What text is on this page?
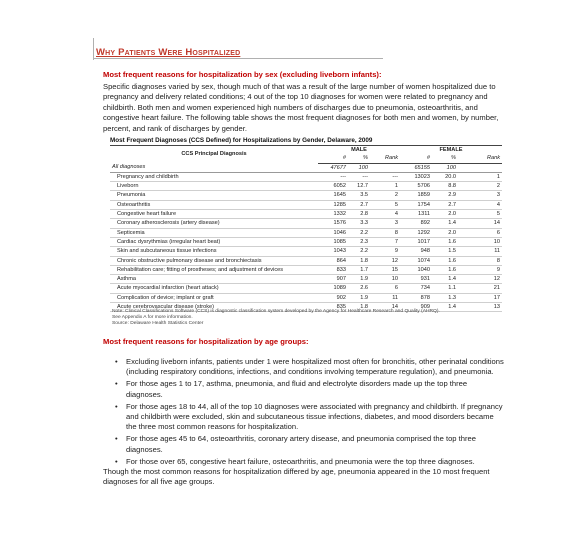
Why Patients Were Hospitalized
Most frequent reasons for hospitalization by sex (excluding liveborn infants):
Specific diagnoses varied by sex, though much of that was a result of the large number of women hospitalized due to pregnancy and delivery related conditions; 4 out of the top 10 diagnoses for women were related to pregnancy and childbirth. Both men and women experienced high numbers of discharges due to pneumonia, osteoarthritis, and congestive heart failure. The following table shows the most frequent diagnoses for both men and women, by number, percent, and rank of discharges by gender.
Most Frequent Diagnoses (CCS Defined) for Hospitalizations by Gender, Delaware, 2009
CCS Principal Diagnosis	MALE			FEMALE		
	#	%	Rank	#	%	Rank
All diagnoses	47677	100		65155	100	
Pregnancy and childbirth	---	---	---	13023	20.0	1
Liveborn	6052	12.7	1	5706	8.8	2
Pneumonia	1645	3.5	2	1859	2.9	3
Osteoarthritis	1285	2.7	5	1754	2.7	4
Congestive heart failure	1332	2.8	4	1311	2.0	5
Coronary atherosclerosis (artery disease)	1576	3.3	3	892	1.4	14
Septicemia	1046	2.2	8	1292	2.0	6
Cardiac dysrythmias (irregular heart beat)	1085	2.3	7	1017	1.6	10
Skin and subcutaneous tissue infections	1043	2.2	9	948	1.5	11
Chronic obstructive pulmonary disease and bronchiectasis	864	1.8	12	1074	1.6	8
Rehabilitation care; fitting of prostheses; and adjustment of devices	833	1.7	15	1040	1.6	9
Asthma	907	1.9	10	931	1.4	12
Acute myocardial infarction (heart attack)	1089	2.6	6	734	1.1	21
Complication of device; implant or graft	902	1.9	11	878	1.3	17
Acute cerebrovascular disease (stroke)	835	1.8	14	909	1.4	13
Note: Clinical Classifications Software (CCS) is diagnostic classification system developed by the Agency for Healthcare Research and Quality (AHRQ).
See Appendix A for more information.
Source: Delaware Health Statistics Center
Most frequent reasons for hospitalization by age groups:
• Excluding liveborn infants, patients under 1 were hospitalized most often for bronchitis, other perinatal conditions (including respiratory conditions, infections, and conditions involving temperature regulation), and pneumonia.
• For those ages 1 to 17, asthma, pneumonia, and fluid and electrolyte disorders made up the top three diagnoses.
• For those ages 18 to 44, all of the top 10 diagnoses were associated with pregnancy and childbirth. If pregnancy and childbirth were excluded, skin and subcutaneous tissue infections, diabetes, and mood disorders became the three most common reasons for hospitalization.
• For those ages 45 to 64, osteoarthritis, coronary artery disease, and pneumonia comprised the top three diagnoses.
• For those over 65, congestive heart failure, osteoarthritis, and pneumonia were the top three diagnoses.
Though the most common reasons for hospitalization differed by age, pneumonia appeared in the 10 most frequent diagnoses for all five age groups.
